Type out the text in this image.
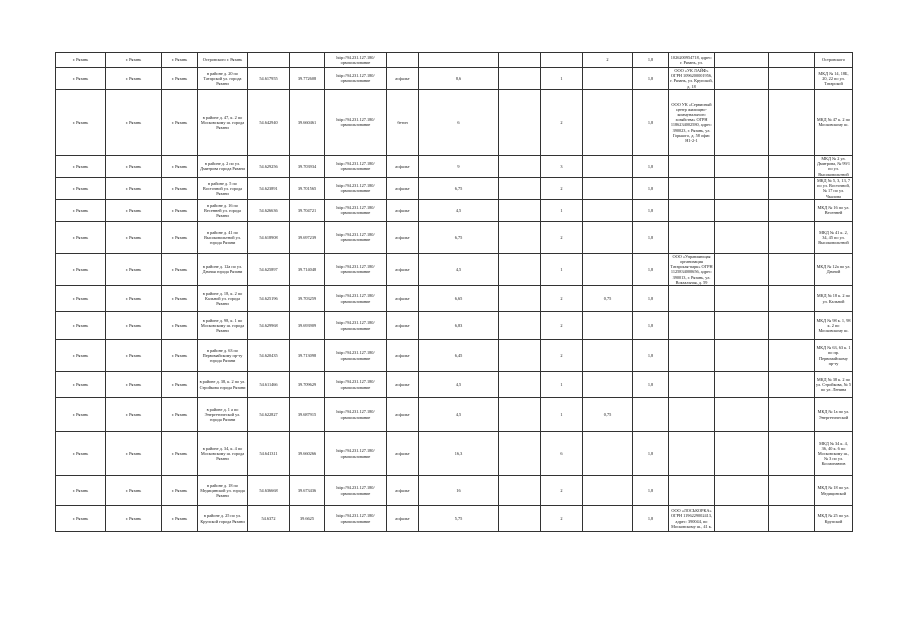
г. Рязань	г. Рязань	г. Рязань	Островского г. Рязань			http://94.231.127.180/ормпользование					2	1,8	1026200954718, адрес: г. Рязань, ул.			Островского
г. Рязань	г. Рязань	г. Рязань	в районе д. 20 по Татарской ул. города Рязани	54.617955	39.772608	http://94.231.127.180/ормпользование	асфальт	8,6		1		1,8	ООО «УК ЛАЙФ» ОГРН 1096200001956, г. Рязань, ул. Крупской, д. 18			МКД № 14, 18Б, 20, 22 по ул. Татарской
г. Рязань	г. Рязань	г. Рязань	в районе д. 47, к. 2 по Московскому ш. города Рязани	54.642940	39.660461	http://94.231.127.180/ормпользование	бетон	6		2		1,8	ООО УК «Сервисный центр жилищно-коммунального хозяйства» ОГРН 1186234002580, адрес: 390023, г. Рязань, ул. Горького, д. 58 офис Н1-2-1			МКД № 47 к. 2 по Московскому ш.
г. Рязань	г. Рязань	г. Рязань	в районе д. 2 по ул. Дмитрова города Рязани	54.629256	39.703934	http://94.231.127.180/ормпользование	асфальт	9		3		1,8				МКД № 2 ул. Дмитрова, № 99/1 по ул. Высоковольтной
г. Рязань	г. Рязань	г. Рязань	в районе д. 5 по Восточной ул. города Рязани	54.623891	39.701565	http://94.231.127.180/ормпользование	асфальт	6,75		2		1,8				МКД № 5, 3, 13, 7 по ул. Восточной, № 17 по ул. Чкалова
г. Рязань	г. Рязань	г. Рязань	в районе д. 16 по Весенней ул. города Рязани	54.626636	39.704721	http://94.231.127.180/ормпользование	асфальт	4,5		1		1,8				МКД № 16 по ул. Весенней
г. Рязань	г. Рязань	г. Рязань	в районе д. 41 по Высоковольтной ул. города Рязани	54.618908	39.697239	http://94.231.127.180/ормпользование	асфальт	6,75		2		1,8				МКД № 41 к. 2, 34, 45 по ул. Высоковольтной
г. Рязань	г. Рязань	г. Рязань	в районе д. 12а по ул. Дачная города Рязани	54.625897	39.714048	http://94.231.127.180/ормпользование	асфальт	4,5		1		1,8	ООО «Управляющая организация Татарская-парк» ОГРН 1125834000656, адрес: 390013, г. Рязань, ул. Вокзальная, д. 59			МКД № 12а по ул. Дачной
г. Рязань	г. Рязань	г. Рязань	в районе д. 18, к. 2 по Кальной ул. города Рязани	54.625196	39.703259	http://94.231.127.180/ормпользование	асфальт	6,65		2	0,75	1,8				МКД № 18 к. 2 по ул. Кальной
г. Рязань	г. Рязань	г. Рязань	в районе д. 98, к. 1 по Московскому ш. города Рязани	54.629968	39.693909	http://94.231.127.180/ормпользование	асфальт	6,83		2		1,8				МКД № 98 к. 1, 98 к. 2 по Московскому ш.
г. Рязань	г. Рязань	г. Рязань	в районе д. 63 по Первомайскому пр-ту города Рязани	54.620435	39.713098	http://94.231.127.180/ормпользование	асфальт	6,45		2		1,8				МКД № 63, 63 к. 1 по пр. Первомайскому пр-ту
г. Рязань	г. Рязань	г. Рязань	в районе д. 38, к. 2 по ул. Стройкова города Рязани	54.611466	39.709629	http://94.231.127.180/ормпользование	асфальт	4,5		1		1,8				МКД № 38 к. 2 по ул. Стройкова, № 5 по ул. Ленина
г. Рязань	г. Рязань	г. Рязань	в районе д. 1 а по Энергетической ул. города Рязани	54.622827	39.687915	http://94.231.127.180/ормпользование	асфальт	4,5		1	0,75					МКД № 1а по ул. Энергетической
г. Рязань	г. Рязань	г. Рязань	в районе д. 34, к. 4 по Московскому ш. города Рязани	54.641311	39.660266	http://94.231.127.180/ормпользование	асфальт	16,3		6		1,8				МКД № 34 к. 4, 36, 40 к. 6 по Московскому ш., № 3 по ул. Космонавтов
г. Рязань	г. Рязань	г. Рязань	в районе д. 18 по Медицинской ул. города Рязани	54.636668	39.673436	http://94.231.127.180/ормпользование	асфальт	16		2		1,8				МКД № 18 по ул. Медицинской
г. Рязань	г. Рязань	г. Рязань	в районе д. 25 по ул. Крупской города Рязани	54.6372	39.6625	http://94.231.127.180/ормпользование	асфальт	5,75		2		1,8	ООО «ЛОСЬКОРКА» ОГРН 1196229002413, адрес: 390044, по Московскому ш., 41 к.			МКД № 25 по ул. Крупской
